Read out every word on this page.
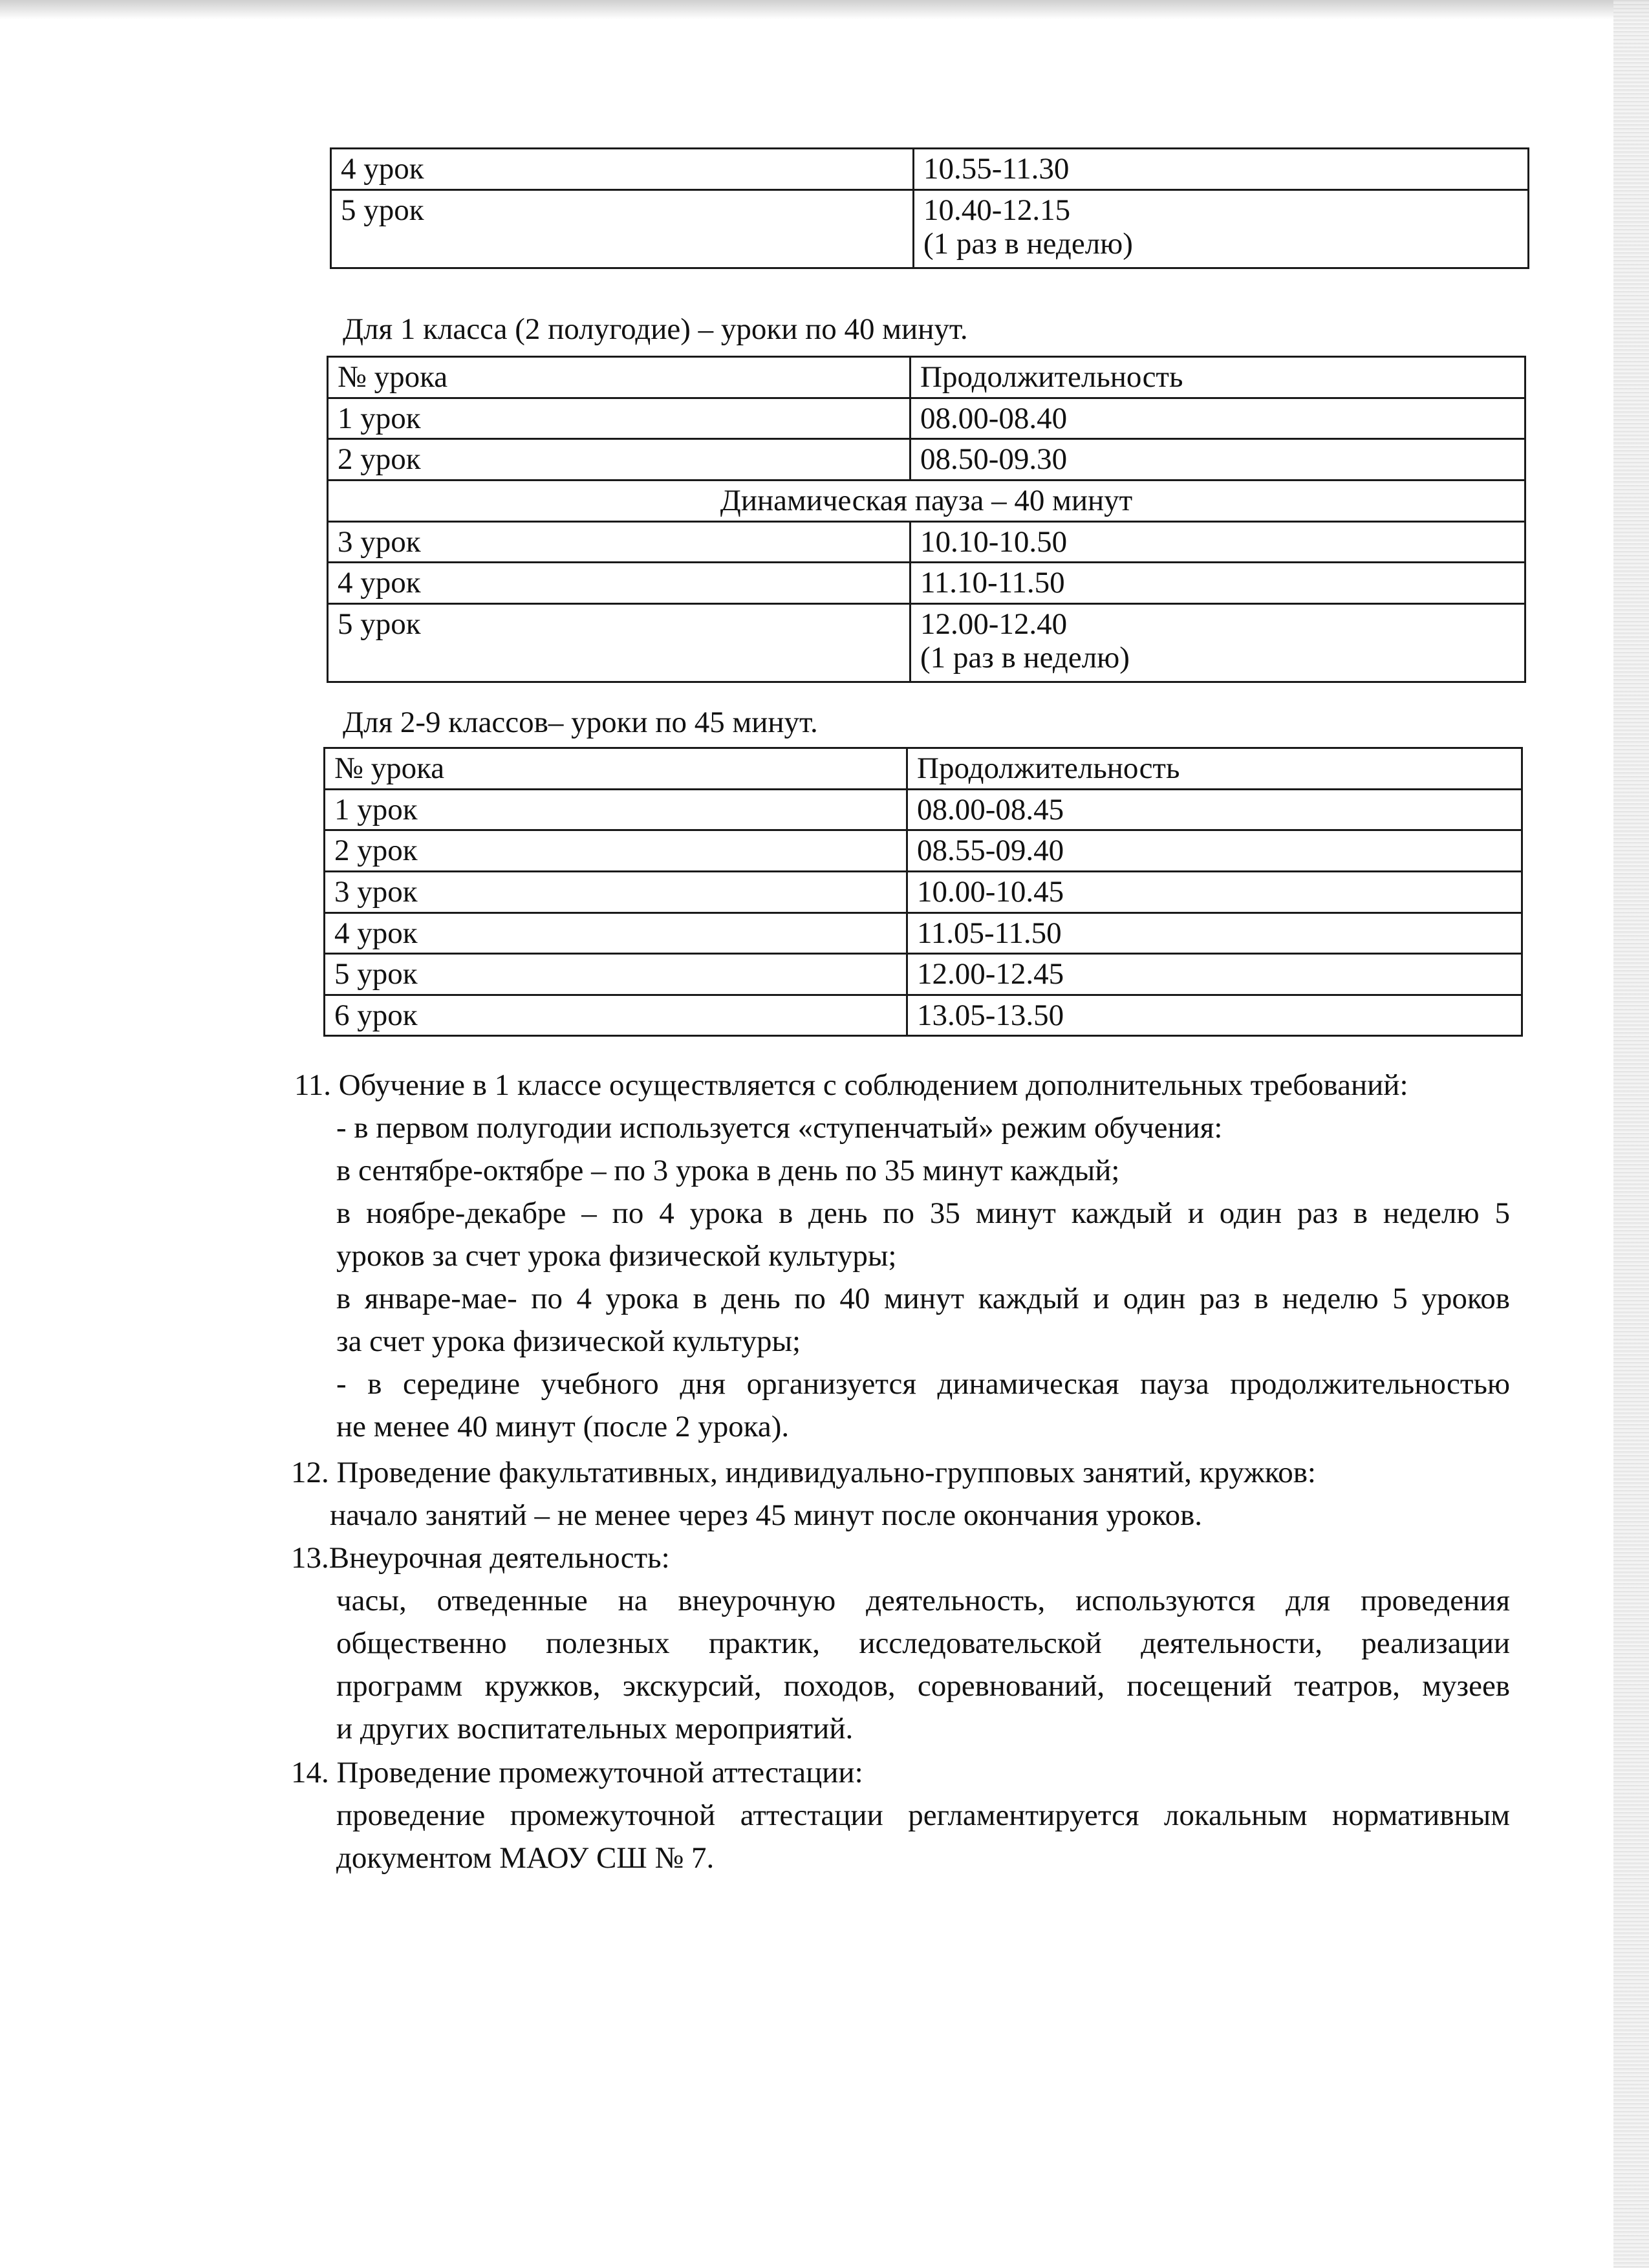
4 урок	10.55-11.30
5 урок	10.40-12.15
(1 раз в неделю)
Для 1 класса (2 полугодие) – уроки по 40 минут.
№ урока	Продолжительность
1 урок	08.00-08.40
2 урок	08.50-09.30
Динамическая пауза – 40 минут	
3 урок	10.10-10.50
4 урок	11.10-11.50
5 урок	12.00-12.40
(1 раз в неделю)
Для 2-9 классов– уроки по 45 минут.
№ урока	Продолжительность
1 урок	08.00-08.45
2 урок	08.55-09.40
3 урок	10.00-10.45
4 урок	11.05-11.50
5 урок	12.00-12.45
6 урок	13.05-13.50
11. Обучение в 1 классе осуществляется с соблюдением дополнительных требований:
- в первом полугодии используется «ступенчатый» режим обучения:
в сентябре-октябре – по 3 урока в день по 35 минут каждый;
в ноябре-декабре – по 4 урока в день по 35 минут каждый и один раз в неделю 5
уроков за счет урока физической культуры;
в январе-мае- по 4 урока в день по 40 минут каждый и один раз в неделю 5 уроков
за счет урока физической культуры;
- в середине учебного дня организуется динамическая пауза продолжительностью
не менее 40 минут (после 2 урока).
12. Проведение факультативных, индивидуально-групповых занятий, кружков:
начало занятий – не менее через 45 минут после окончания уроков.
13.Внеурочная деятельность:
часы, отведенные на внеурочную деятельность, используются для проведения
общественно полезных практик, исследовательской деятельности, реализации
программ кружков, экскурсий, походов, соревнований, посещений театров, музеев
и других воспитательных мероприятий.
14. Проведение промежуточной аттестации:
проведение промежуточной аттестации регламентируется локальным нормативным
документом МАОУ СШ № 7.
